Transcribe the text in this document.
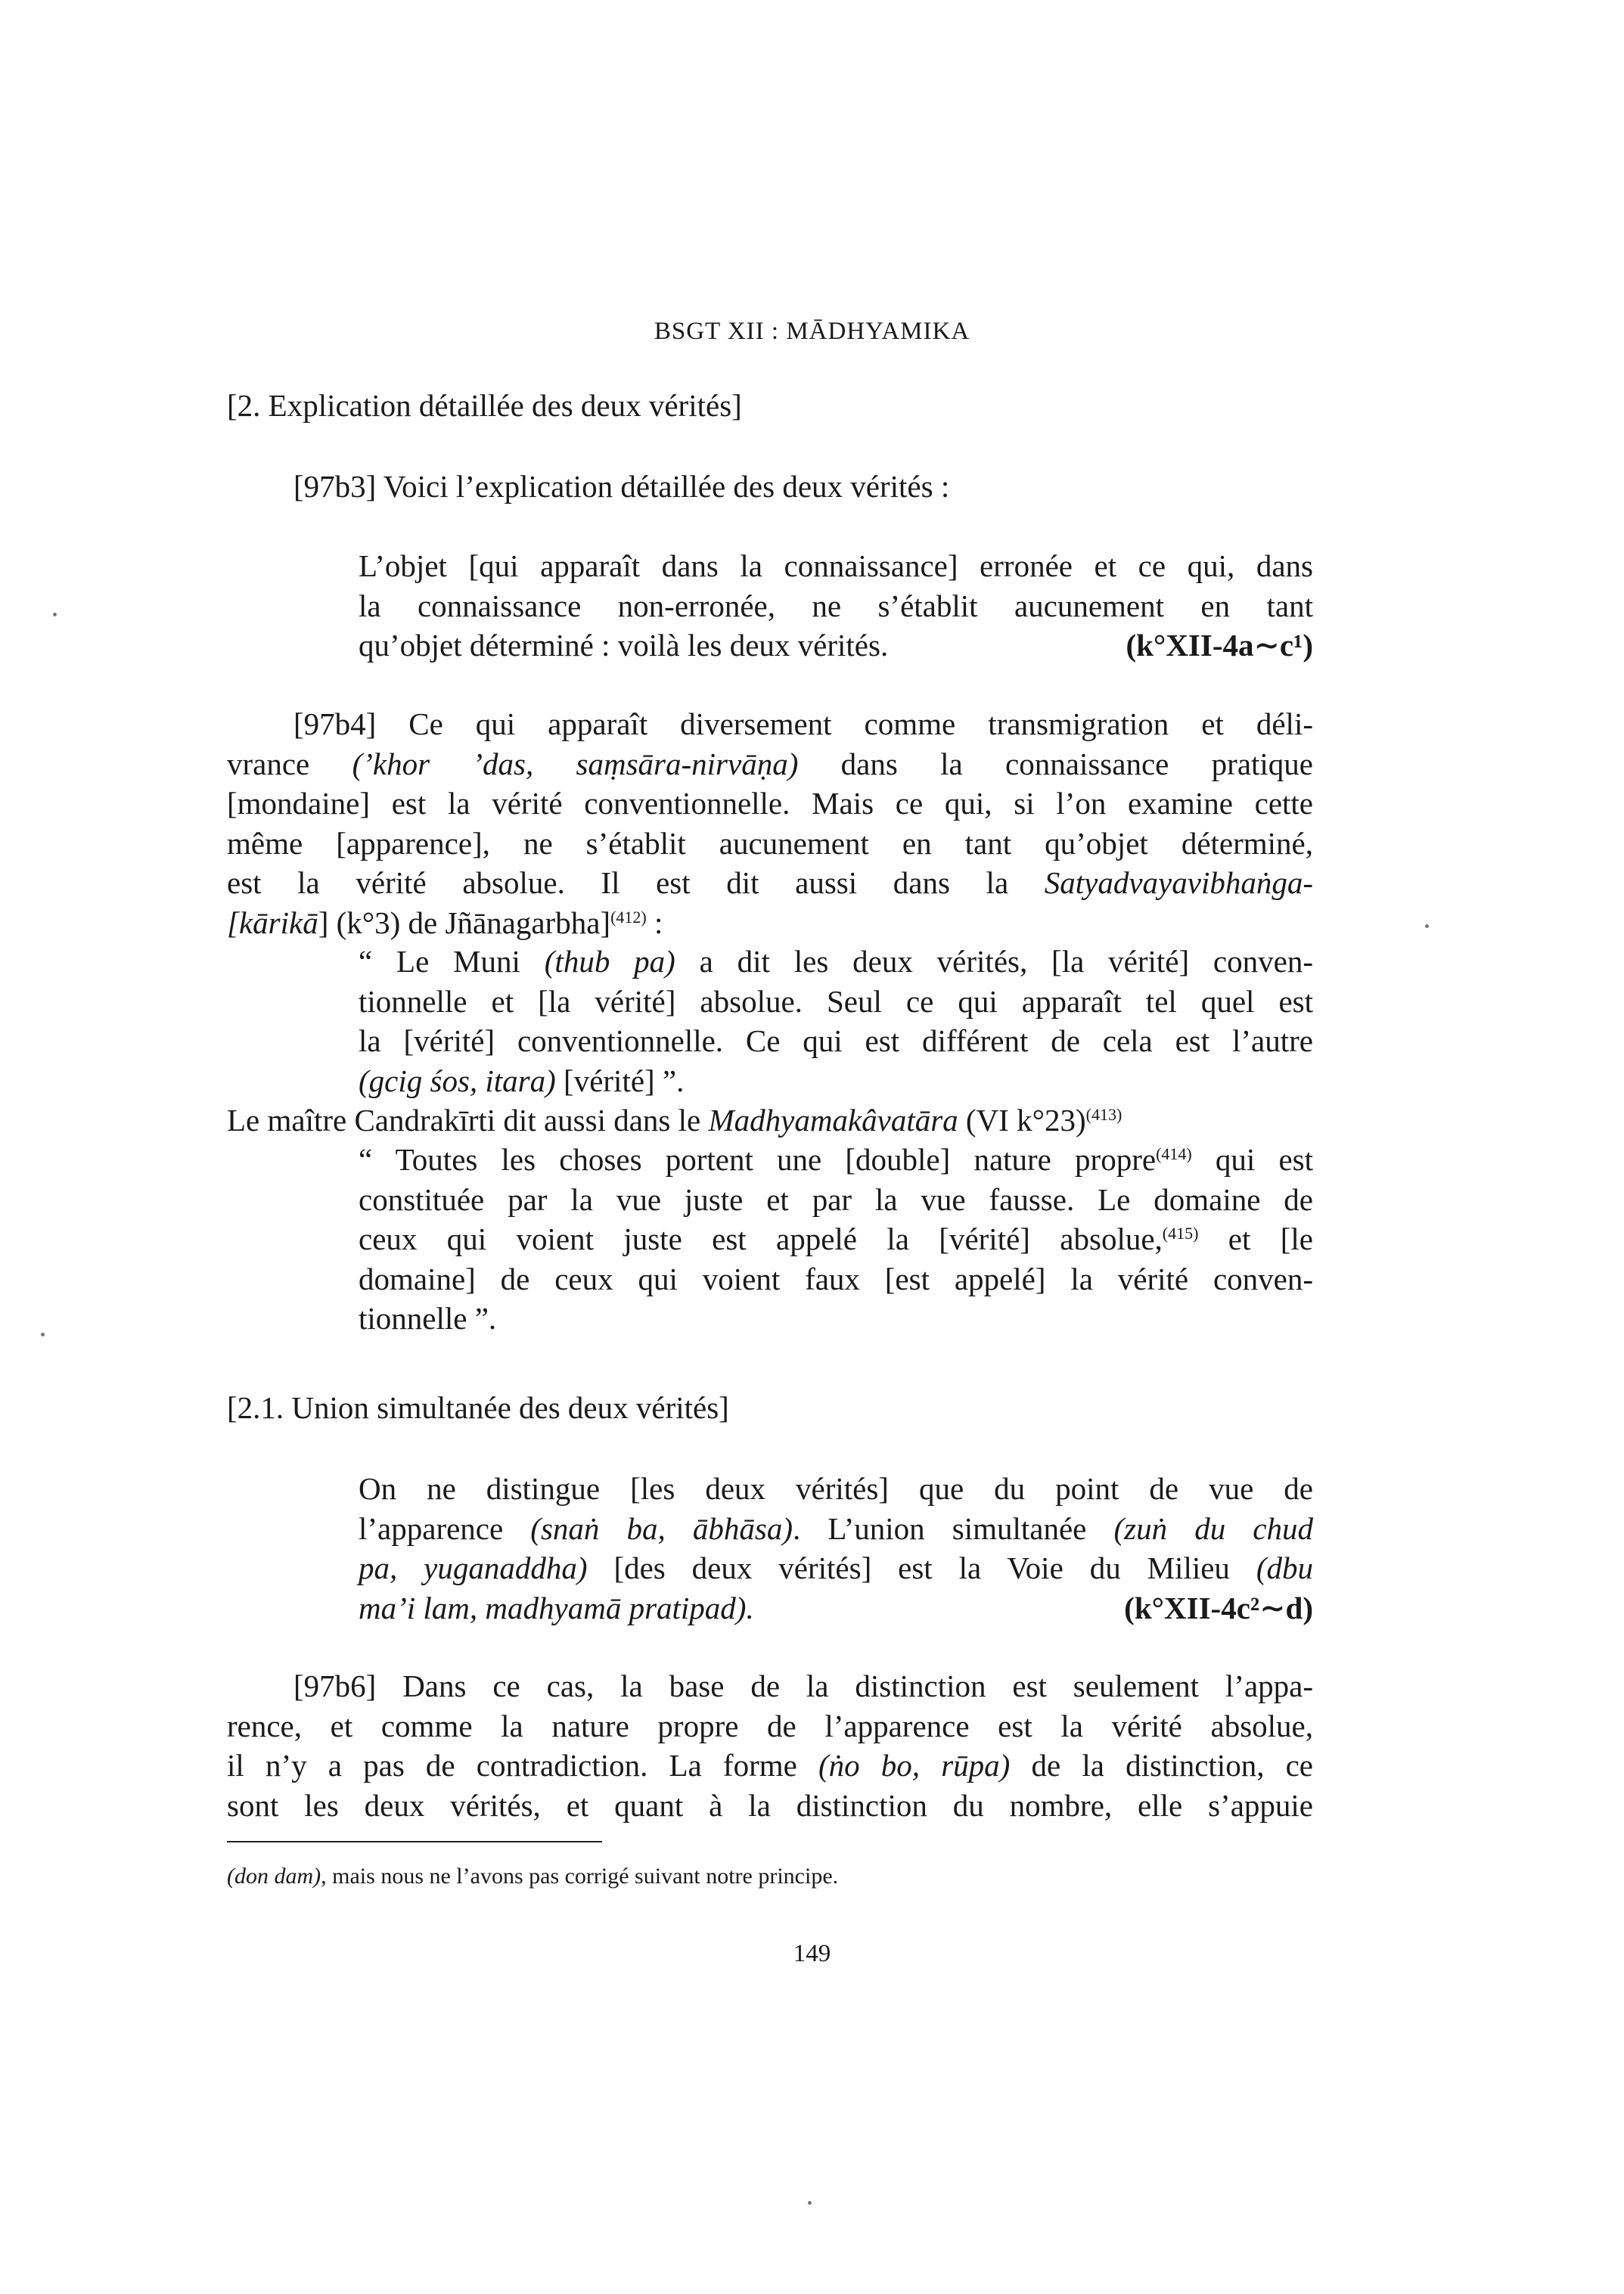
BSGT XII : MĀDHYAMIKA
[2. Explication détaillée des deux vérités]
[97b3] Voici l’explication détaillée des deux vérités :
L’objet [qui apparaît dans la connaissance] erronée et ce qui, dans
la connaissance non-erronée, ne s’établit aucunement en tant
qu’objet déterminé : voilà les deux vérités.	(k°XII-4a∼c¹)
[97b4] Ce qui apparaît diversement comme transmigration et déli-
vrance (’khor ’das, saṃsāra-nirvāṇa) dans la connaissance pratique
[mondaine] est la vérité conventionnelle. Mais ce qui, si l’on examine cette
même [apparence], ne s’établit aucunement en tant qu’objet déterminé,
est la vérité absolue. Il est dit aussi dans la Satyadvayavibhaṅga-
[kārikā] (k°3) de Jñānagarbha]$^{(412)}$ :
“ Le Muni (thub pa) a dit les deux vérités, [la vérité] conven-
tionnelle et [la vérité] absolue. Seul ce qui apparaît tel quel est
la [vérité] conventionnelle. Ce qui est différent de cela est l’autre
(gcig śos, itara) [vérité] ”.
Le maître Candrakīrti dit aussi dans le Madhyamakâvatāra (VI k°23)$^{(413)}$
“ Toutes les choses portent une [double] nature propre$^{(414)}$ qui est
constituée par la vue juste et par la vue fausse. Le domaine de
ceux qui voient juste est appelé la [vérité] absolue,$^{(415)}$ et [le
domaine] de ceux qui voient faux [est appelé] la vérité conven-
tionnelle ”.
[2.1. Union simultanée des deux vérités]
On ne distingue [les deux vérités] que du point de vue de
l’apparence (snaṅ ba, ābhāsa). L’union simultanée (zuṅ du chud
pa, yuganaddha) [des deux vérités] est la Voie du Milieu (dbu
ma’i lam, madhyamā pratipad).	(k°XII-4c²∼d)
[97b6] Dans ce cas, la base de la distinction est seulement l’appa-
rence, et comme la nature propre de l’apparence est la vérité absolue,
il n’y a pas de contradiction. La forme (ṅo bo, rūpa) de la distinction, ce
sont les deux vérités, et quant à la distinction du nombre, elle s’appuie
(don dam), mais nous ne l’avons pas corrigé suivant notre principe.
149
